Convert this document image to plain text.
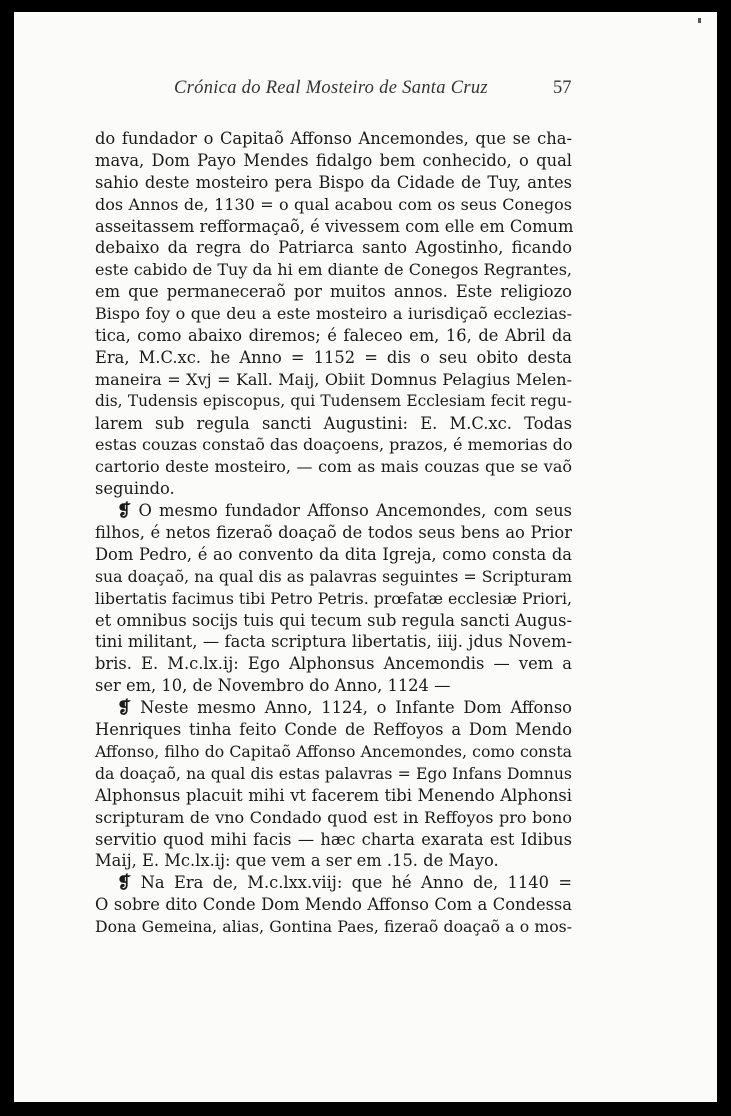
Crónica do Real Mosteiro de Santa Cruz	57
do fundador o Capitaõ Affonso Ancemondes, que se cha-
mava, Dom Payo Mendes fidalgo bem conhecido, o qual
sahio deste mosteiro pera Bispo da Cidade de Tuy, antes
dos Annos de, 1130 = o qual acabou com os seus Conegos
asseitassem refformaçaõ, é vivessem com elle em Comum
debaixo da regra do Patriarca santo Agostinho, ficando
este cabido de Tuy da hi em diante de Conegos Regrantes,
em que permaneceraõ por muitos annos. Este religiozo
Bispo foy o que deu a este mosteiro a iurisdiçaõ ecclezias-
tica, como abaixo diremos; é faleceo em, 16, de Abril da
Era, M.C.xc. he Anno = 1152 = dis o seu obito desta
maneira = Xvj = Kall. Maij, Obiit Domnus Pelagius Melen-
dis, Tudensis episcopus, qui Tudensem Ecclesiam fecit regu-
larem sub regula sancti Augustini: E. M.C.xc. Todas
estas couzas constaõ das doaçoens, prazos, é memorias do
cartorio deste mosteiro, — com as mais couzas que se vaõ
seguindo.
❡ O mesmo fundador Affonso Ancemondes, com seus
filhos, é netos fizeraõ doaçaõ de todos seus bens ao Prior
Dom Pedro, é ao convento da dita Igreja, como consta da
sua doaçaõ, na qual dis as palavras seguintes = Scripturam
libertatis facimus tibi Petro Petris. prœfatæ ecclesiæ Priori,
et omnibus socijs tuis qui tecum sub regula sancti Augus-
tini militant, — facta scriptura libertatis, iiij. jdus Novem-
bris. E. M.c.lx.ij: Ego Alphonsus Ancemondis — vem a
ser em, 10, de Novembro do Anno, 1124 —
❡ Neste mesmo Anno, 1124, o Infante Dom Affonso
Henriques tinha feito Conde de Reffoyos a Dom Mendo
Affonso, filho do Capitaõ Affonso Ancemondes, como consta
da doaçaõ, na qual dis estas palavras = Ego Infans Domnus
Alphonsus placuit mihi vt facerem tibi Menendo Alphonsi
scripturam de vno Condado quod est in Reffoyos pro bono
servitio quod mihi facis — hæc charta exarata est Idibus
Maij, E. Mc.lx.ij: que vem a ser em .15. de Mayo.
❡ Na Era de, M.c.lxx.viij: que hé Anno de, 1140 =
O sobre dito Conde Dom Mendo Affonso Com a Condessa
Dona Gemeina, alias, Gontina Paes, fizeraõ doaçaõ a o mos-
